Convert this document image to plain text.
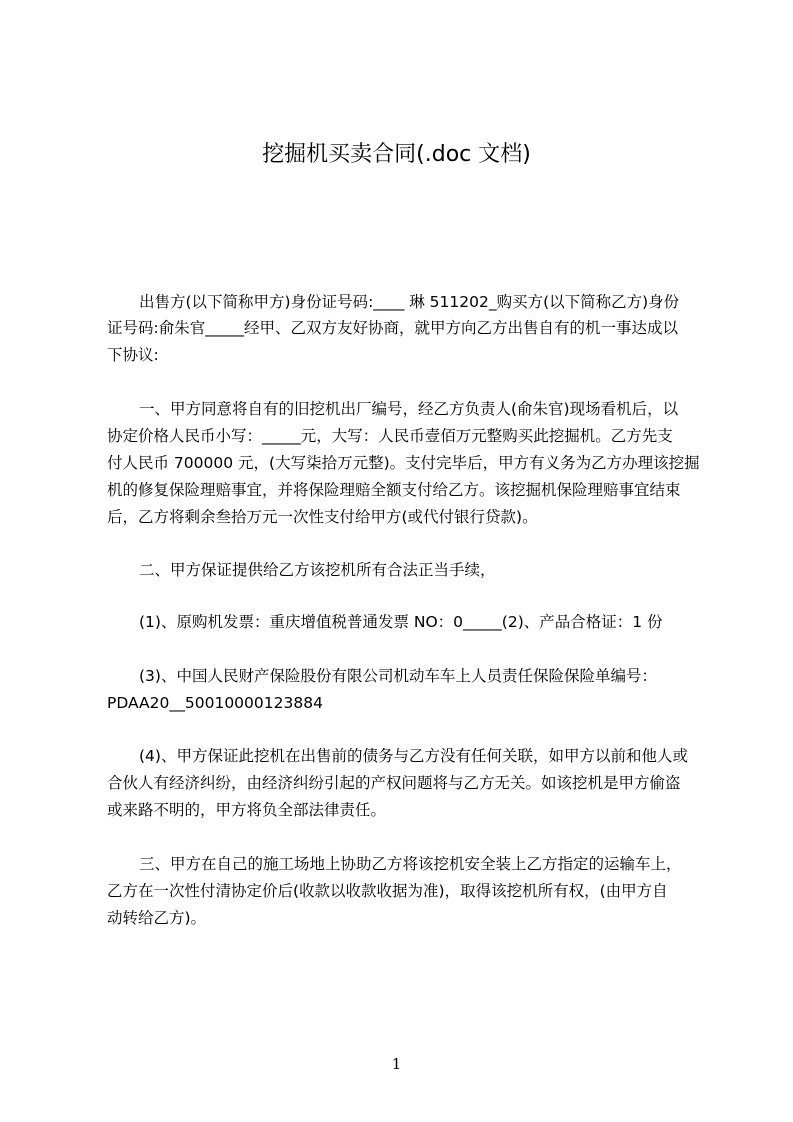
挖掘机买卖合同(.doc 文档)
出售方(以下简称甲方)身份证号码:____ 琳 511202_购买方(以下简称乙方)身份
证号码:俞朱官_____经甲、乙双方友好协商，就甲方向乙方出售自有的机一事达成以
下协议:
一、甲方同意将自有的旧挖机出厂编号，经乙方负责人(俞朱官)现场看机后，以
协定价格人民币小写：_____元，大写：人民币壹佰万元整购买此挖掘机。乙方先支
付人民币 700000 元，(大写柒拾万元整)。支付完毕后，甲方有义务为乙方办理该挖掘
机的修复保险理赔事宜，并将保险理赔全额支付给乙方。该挖掘机保险理赔事宜结束
后，乙方将剩余叁拾万元一次性支付给甲方(或代付银行贷款)。
二、甲方保证提供给乙方该挖机所有合法正当手续，
(1)、原购机发票：重庆增值税普通发票 NO：0_____(2)、产品合格证：1 份
(3)、中国人民财产保险股份有限公司机动车车上人员责任保险保险单编号：
PDAA20__50010000123884
(4)、甲方保证此挖机在出售前的债务与乙方没有任何关联，如甲方以前和他人或
合伙人有经济纠纷，由经济纠纷引起的产权问题将与乙方无关。如该挖机是甲方偷盗
或来路不明的，甲方将负全部法律责任。
三、甲方在自己的施工场地上协助乙方将该挖机安全装上乙方指定的运输车上，
乙方在一次性付清协定价后(收款以收款收据为准)，取得该挖机所有权，(由甲方自
动转给乙方)。
1
